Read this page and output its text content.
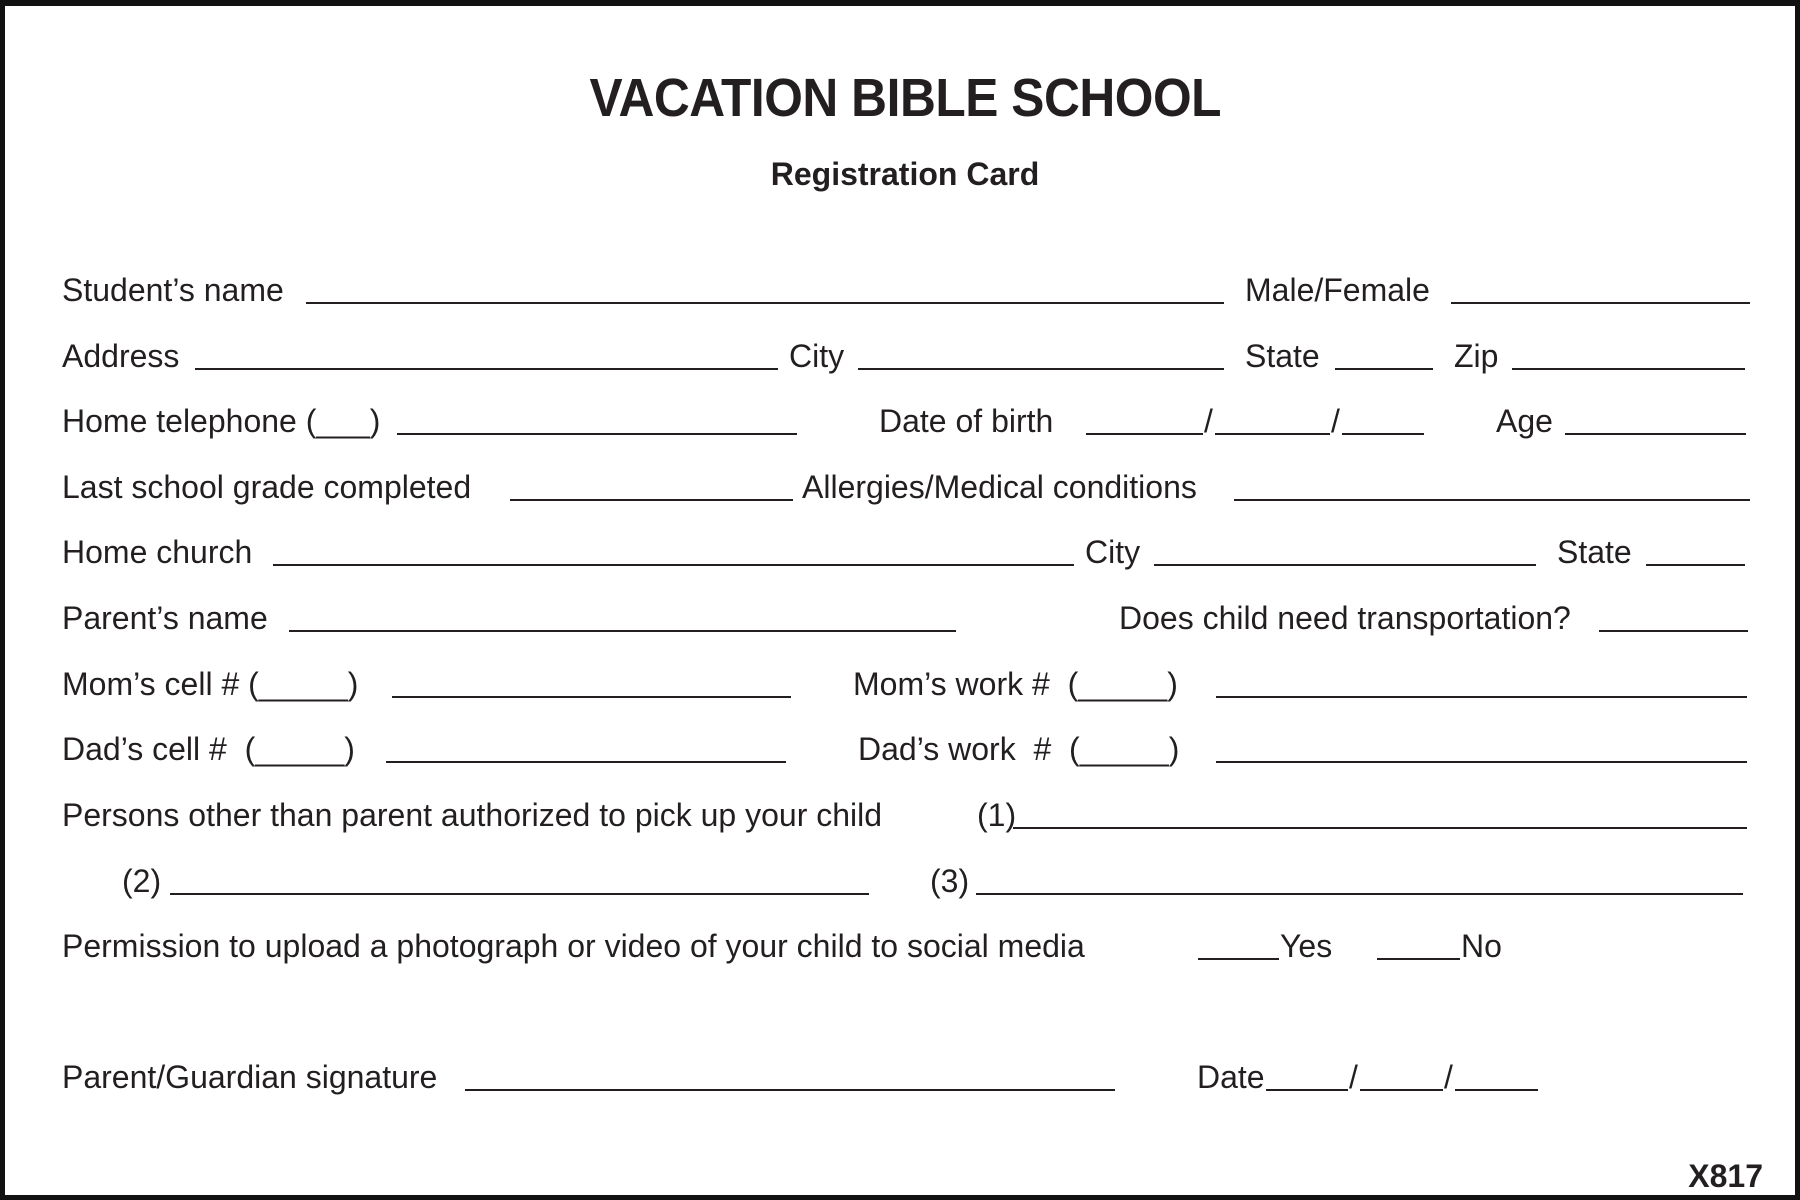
VACATION BIBLE SCHOOL
Registration Card
Student’s name	Male/Female
Address	City	State	Zip
Home telephone (___)	Date of birth	/	/	Age
Last school grade completed	Allergies/Medical conditions
Home church	City	State
Parent’s name	Does child need transportation?
Mom’s cell # (_____)	Mom’s work #  (_____)
Dad’s cell #  (_____)	Dad’s work  #  (_____)
Persons other than parent authorized to pick up your child	(1)
(2)	(3)
Permission to upload a photograph or video of your child to social media	Yes	No
Parent/Guardian signature	Date	/	/
X817
